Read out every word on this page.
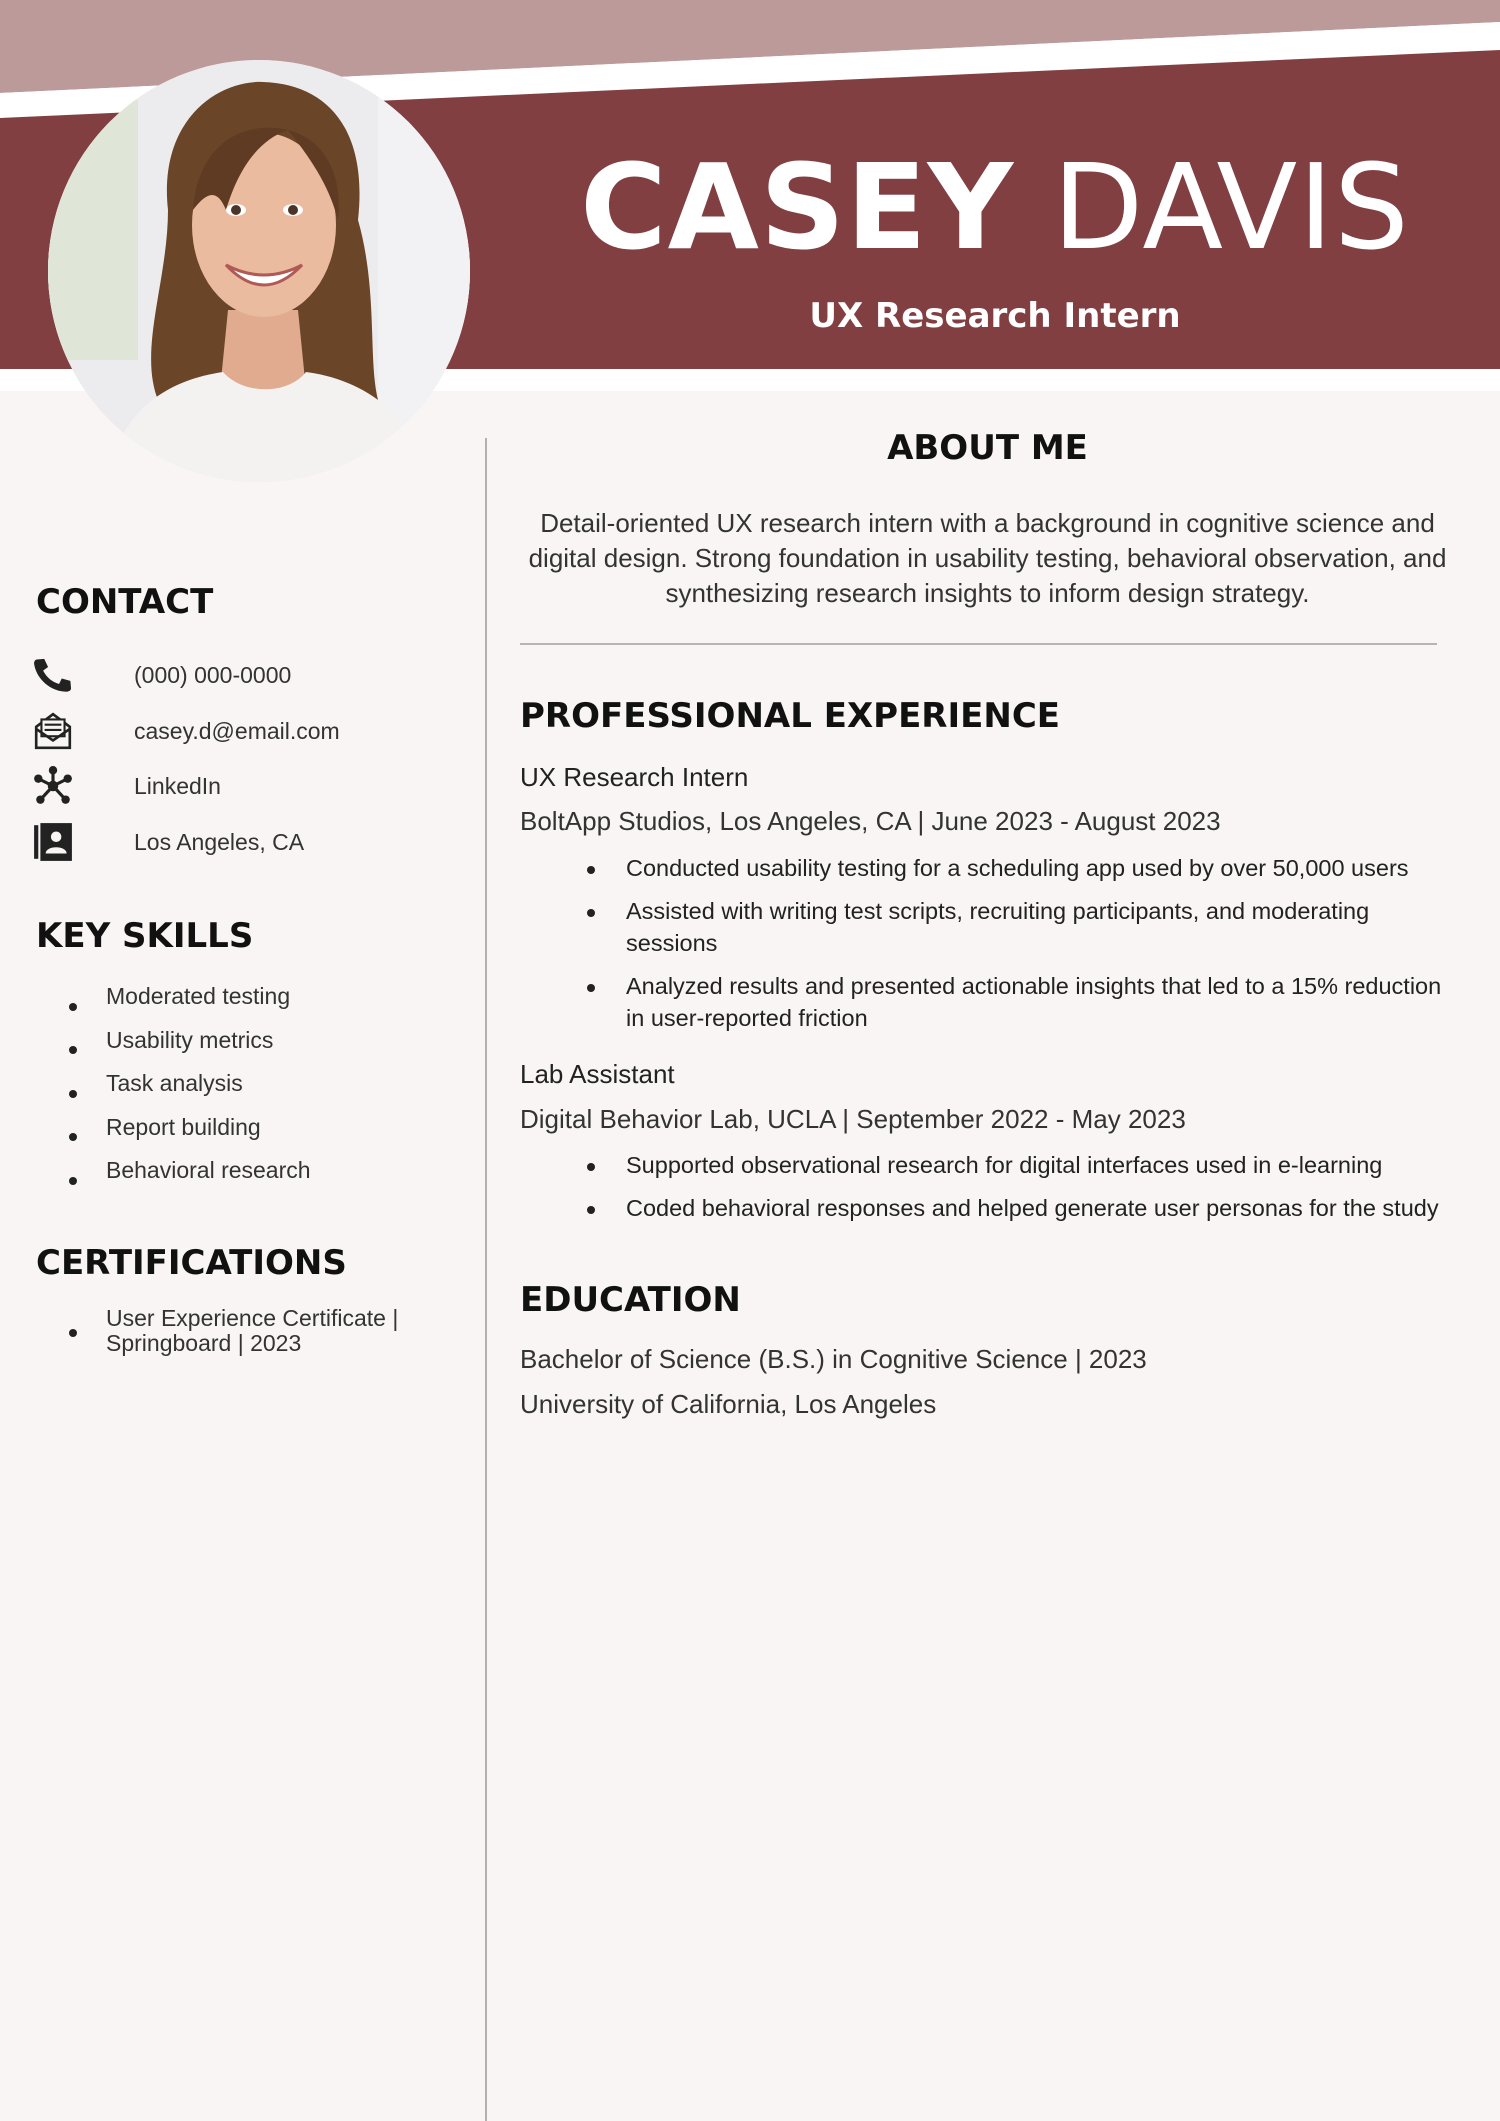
CASEY DAVIS
UX Research Intern
CONTACT
(000) 000-0000
casey.d@email.com
LinkedIn
Los Angeles, CA
KEY SKILLS
Moderated testing
Usability metrics
Task analysis
Report building
Behavioral research
CERTIFICATIONS
User Experience Certificate |
Springboard | 2023
ABOUT ME
Detail-oriented UX research intern with a background in cognitive science and digital design. Strong foundation in usability testing, behavioral observation, and synthesizing research insights to inform design strategy.
PROFESSIONAL EXPERIENCE
UX Research Intern
BoltApp Studios, Los Angeles, CA | June 2023 - August 2023
Conducted usability testing for a scheduling app used by over 50,000 users
Assisted with writing test scripts, recruiting participants, and moderating sessions
Analyzed results and presented actionable insights that led to a 15% reduction in user-reported friction
Lab Assistant
Digital Behavior Lab, UCLA | September 2022 - May 2023
Supported observational research for digital interfaces used in e-learning
Coded behavioral responses and helped generate user personas for the study
EDUCATION
Bachelor of Science (B.S.) in Cognitive Science | 2023
University of California, Los Angeles
